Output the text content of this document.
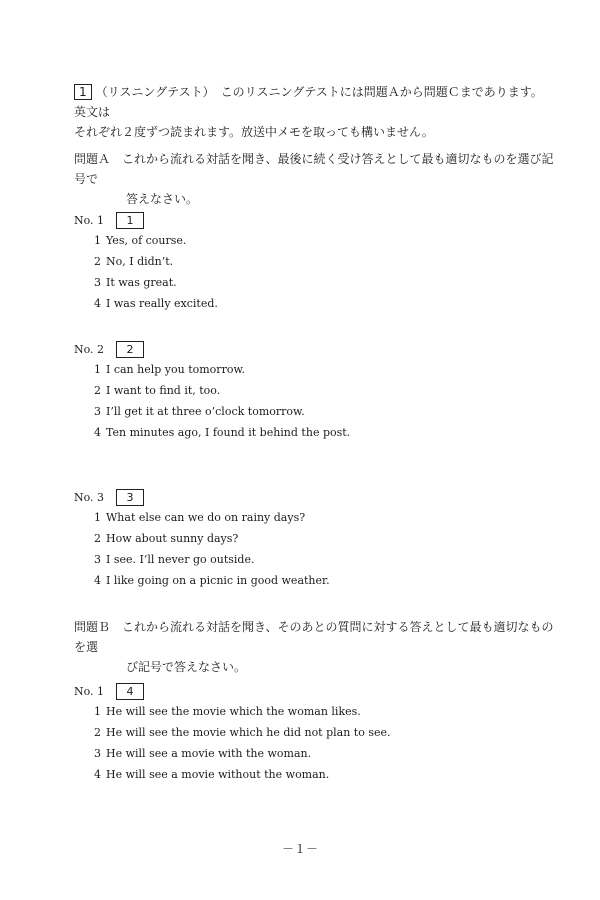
1 （リスニングテスト）　このリスニングテストには問題Ａから問題Ｃまであります。英文は
それぞれ２度ずつ読まれます。放送中メモを取っても構いません。
問題Ａ　これから流れる対話を聞き、最後に続く受け答えとして最も適切なものを選び記号で
答えなさい。
No. 1	1
1 Yes, of course.
2 No, I didn’t.
3 It was great.
4 I was really excited.
No. 2	2
1 I can help you tomorrow.
2 I want to find it, too.
3 I’ll get it at three o’clock tomorrow.
4 Ten minutes ago, I found it behind the post.
No. 3	3
1 What else can we do on rainy days?
2 How about sunny days?
3 I see. I’ll never go outside.
4 I like going on a picnic in good weather.
問題Ｂ　これから流れる対話を聞き、そのあとの質問に対する答えとして最も適切なものを選
び記号で答えなさい。
No. 1	4
1 He will see the movie which the woman likes.
2 He will see the movie which he did not plan to see.
3 He will see a movie with the woman.
4 He will see a movie without the woman.
－１－
